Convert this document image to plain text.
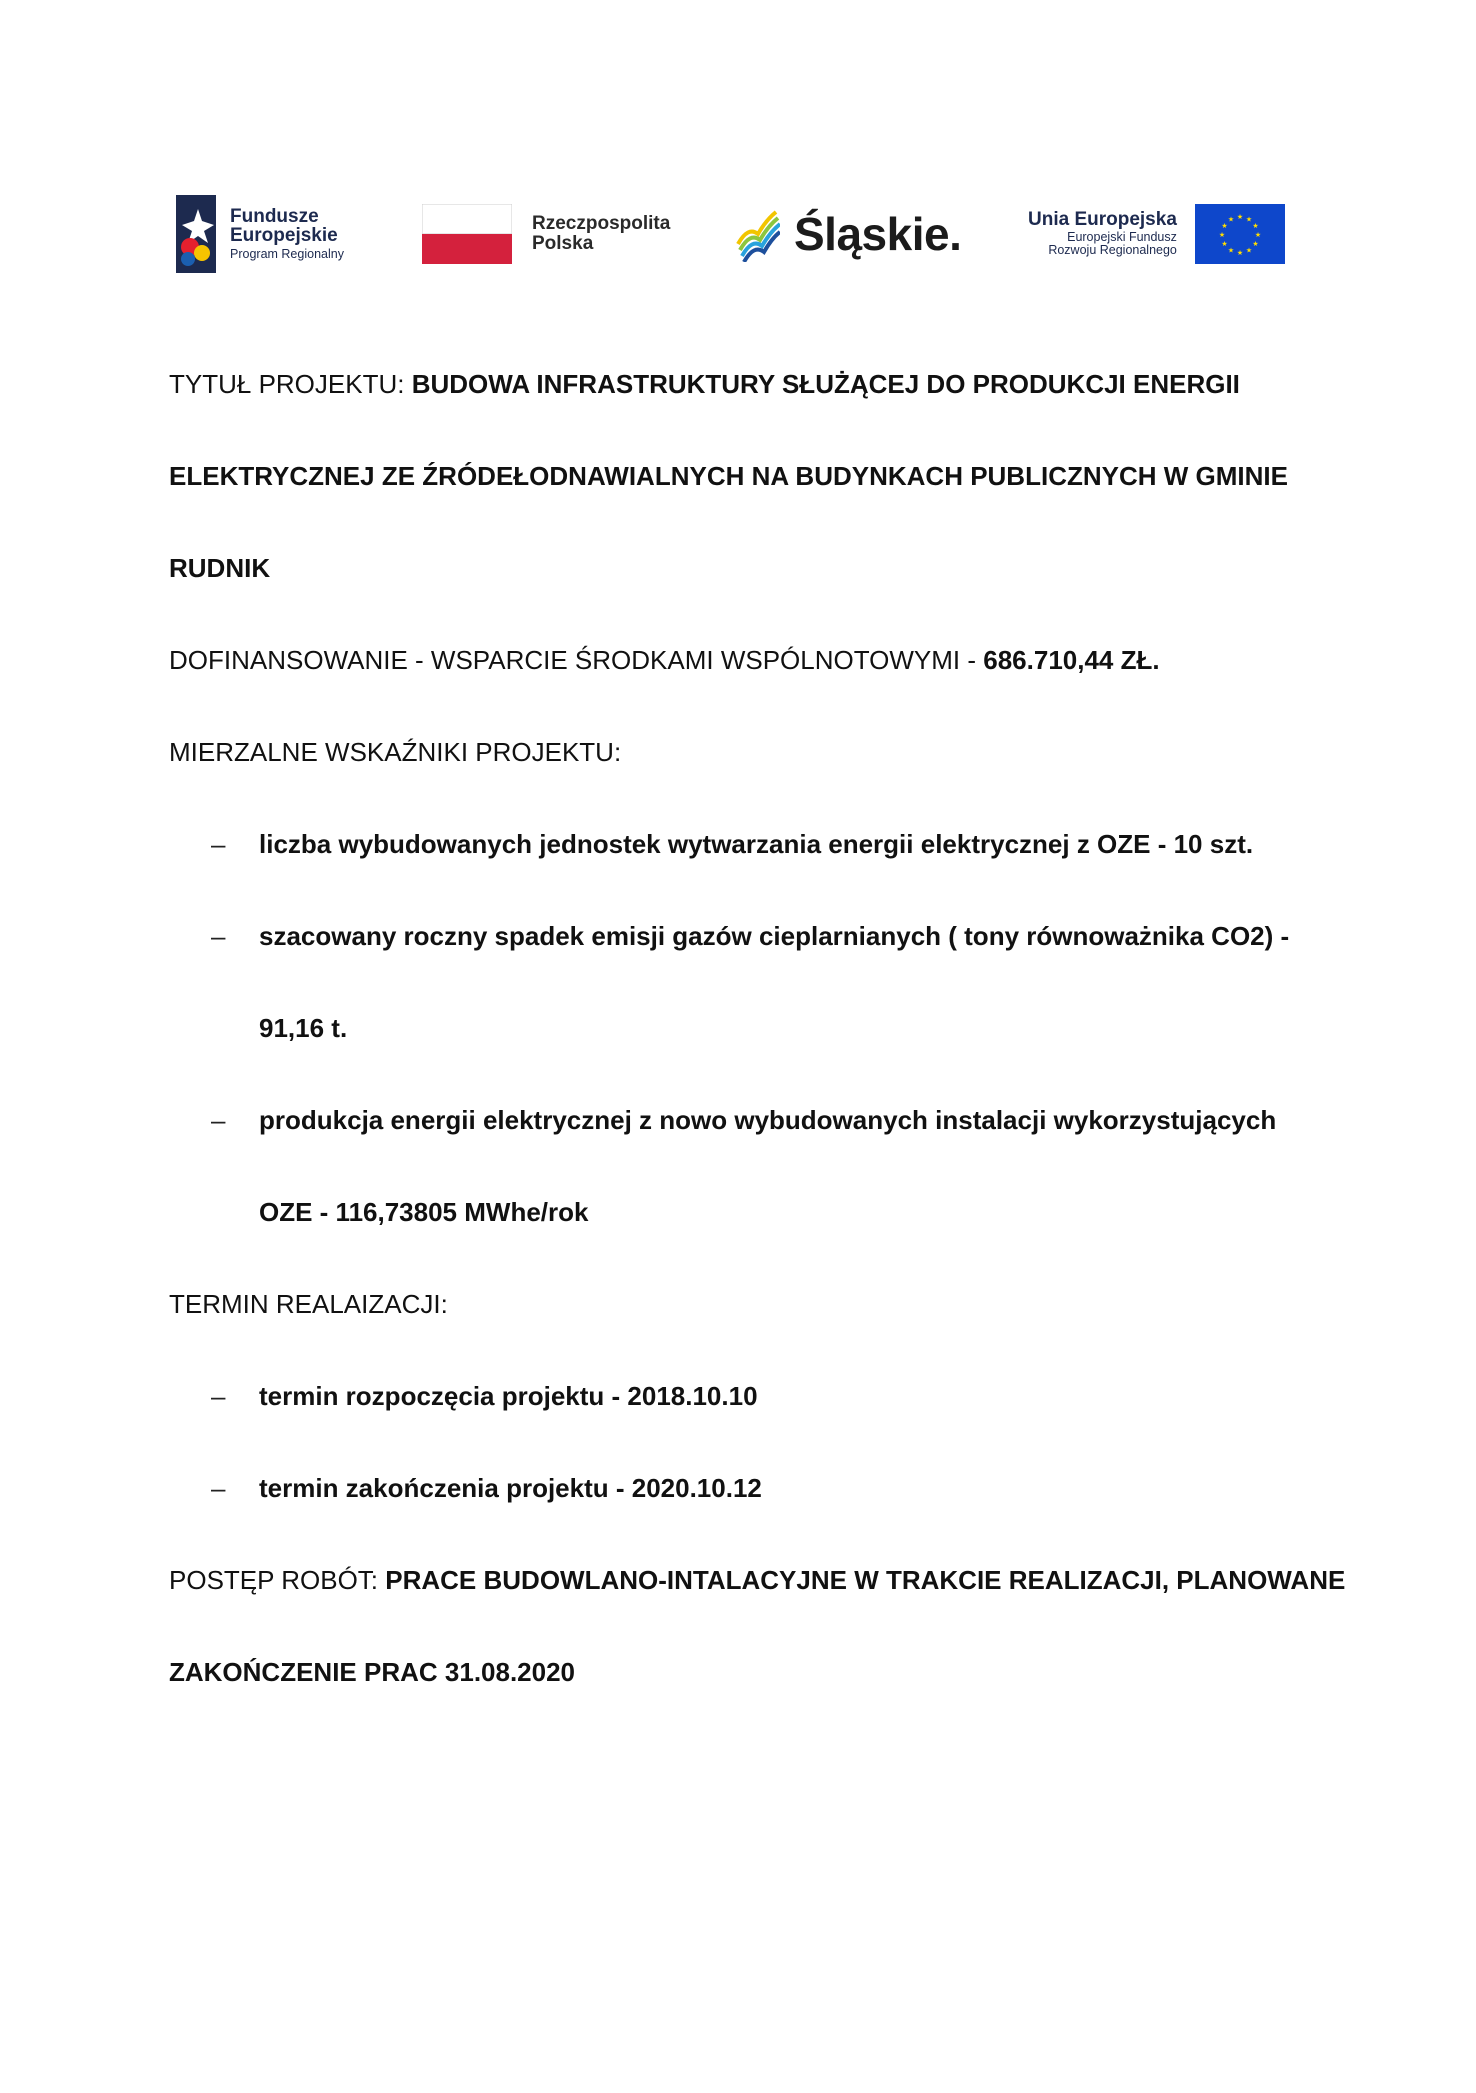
Fundusze
Europejskie
Program Regionalny
Rzeczpospolita
Polska	Śląskie.	Unia Europejska
Europejski Fundusz
Rozwoju Regionalnego
★ ★
★
★
★
★
★
★
★
★
★
★

TYTUŁ PROJEKTU: BUDOWA INFRASTRUKTURY SŁUŻĄCEJ DO PRODUKCJI ENERGII

ELEKTRYCZNEJ ZE ŹRÓDEŁODNAWIALNYCH NA BUDYNKACH PUBLICZNYCH W GMINIE

RUDNIK

DOFINANSOWANIE - WSPARCIE ŚRODKAMI WSPÓLNOTOWYMI - 686.710,44 ZŁ.

MIERZALNE WSKAŹNIKI PROJEKTU:

– liczba wybudowanych jednostek wytwarzania energii elektrycznej z OZE - 10 szt.
– szacowany roczny spadek emisji gazów cieplarnianych ( tony równoważnika CO2) -
91,16 t.
– produkcja energii elektrycznej z nowo wybudowanych instalacji wykorzystujących
OZE - 116,73805 MWhe/rok

TERMIN REALAIZACJI:

– termin rozpoczęcia projektu - 2018.10.10
– termin zakończenia projektu - 2020.10.12

POSTĘP ROBÓT: PRACE BUDOWLANO-INTALACYJNE W TRAKCIE REALIZACJI, PLANOWANE

ZAKOŃCZENIE PRAC 31.08.2020
